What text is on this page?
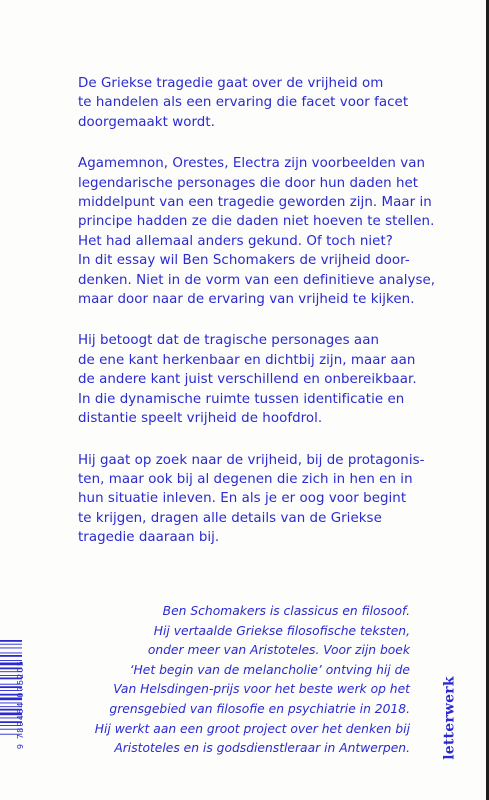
De Griekse tragedie gaat over de vrijheid om
te handelen als een ervaring die facet voor facet
doorgemaakt wordt.

Agamemnon, Orestes, Electra zijn voorbeelden van
legendarische personages die door hun daden het
middelpunt van een tragedie geworden zijn. Maar in
principe hadden ze die daden niet hoeven te stellen.
Het had allemaal anders gekund. Of toch niet?
In dit essay wil Ben Schomakers de vrijheid door-
denken. Niet in de vorm van een definitieve analyse,
maar door naar de ervaring van vrijheid te kijken.

Hij betoogt dat de tragische personages aan
de ene kant herkenbaar en dichtbij zijn, maar aan
de andere kant juist verschillend en onbereikbaar.
In die dynamische ruimte tussen identificatie en
distantie speelt vrijheid de hoofdrol.

Hij gaat op zoek naar de vrijheid, bij de protagonis-
ten, maar ook bij al degenen die zich in hen en in
hun situatie inleven. En als je er oog voor begint
te krijgen, dragen alle details van de Griekse
tragedie daaraan bij.

Ben Schomakers is classicus en filosoof.
Hij vertaalde Griekse filosofische teksten,
onder meer van Aristoteles. Voor zijn boek
‘Het begin van de melancholie’ ontving hij de
Van Helsdingen-prijs voor het beste werk op het
grensgebied van filosofie en psychiatrie in 2018.
Hij werkt aan een groot project over het denken bij
Aristoteles en is godsdienstleraar in Antwerpen.
9 789464 075205	letterwerk
